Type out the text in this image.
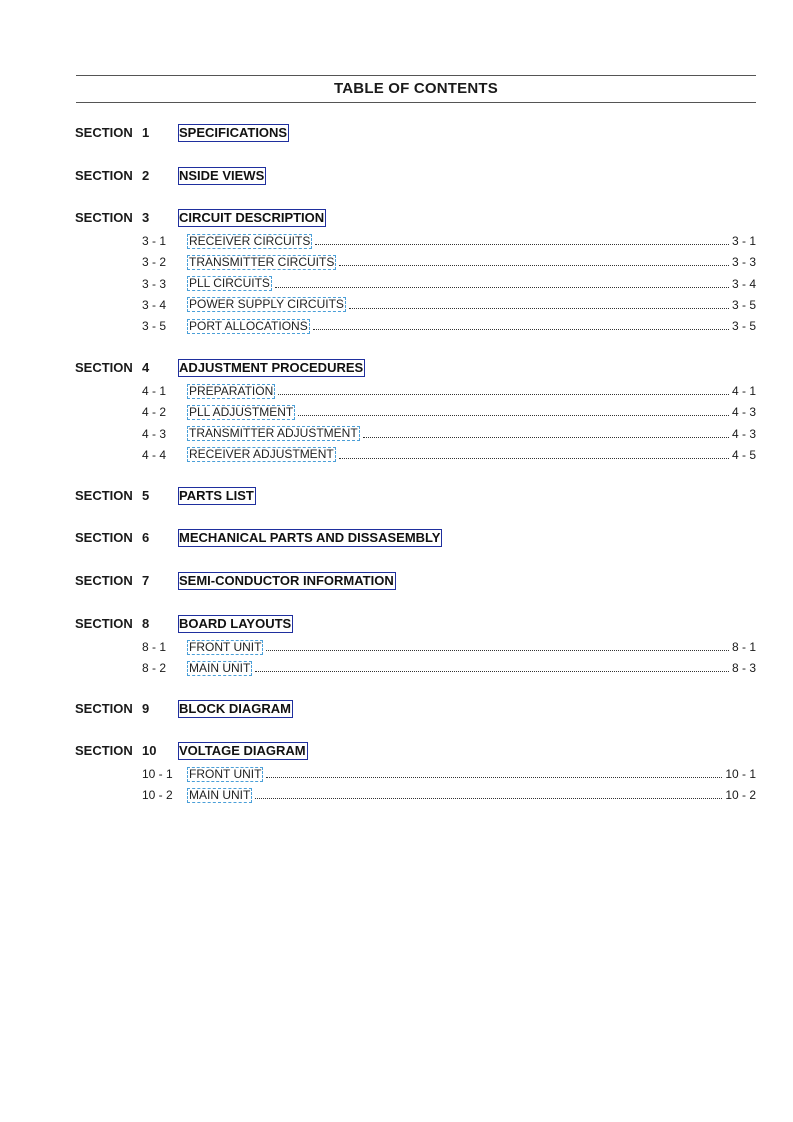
TABLE OF CONTENTS
SECTION 1	SPECIFICATIONS
SECTION 2	NSIDE VIEWS
SECTION 3	CIRCUIT DESCRIPTION
3 - 1	RECEIVER CIRCUITS	3 - 1
3 - 2	TRANSMITTER CIRCUITS	3 - 3
3 - 3	PLL CIRCUITS	3 - 4
3 - 4	POWER SUPPLY CIRCUITS	3 - 5
3 - 5	PORT ALLOCATIONS	3 - 5
SECTION 4	ADJUSTMENT PROCEDURES
4 - 1	PREPARATION	4 - 1
4 - 2	PLL ADJUSTMENT	4 - 3
4 - 3	TRANSMITTER ADJUSTMENT	4 - 3
4 - 4	RECEIVER ADJUSTMENT	4 - 5
SECTION 5	PARTS LIST
SECTION 6	MECHANICAL PARTS AND DISSASEMBLY
SECTION 7	SEMI-CONDUCTOR INFORMATION
SECTION 8	BOARD LAYOUTS
8 - 1	FRONT UNIT	8 - 1
8 - 2	MAIN UNIT	8 - 3
SECTION 9	BLOCK DIAGRAM
SECTION 10	VOLTAGE DIAGRAM
10 - 1	FRONT UNIT	10 - 1
10 - 2	MAIN UNIT	10 - 2
